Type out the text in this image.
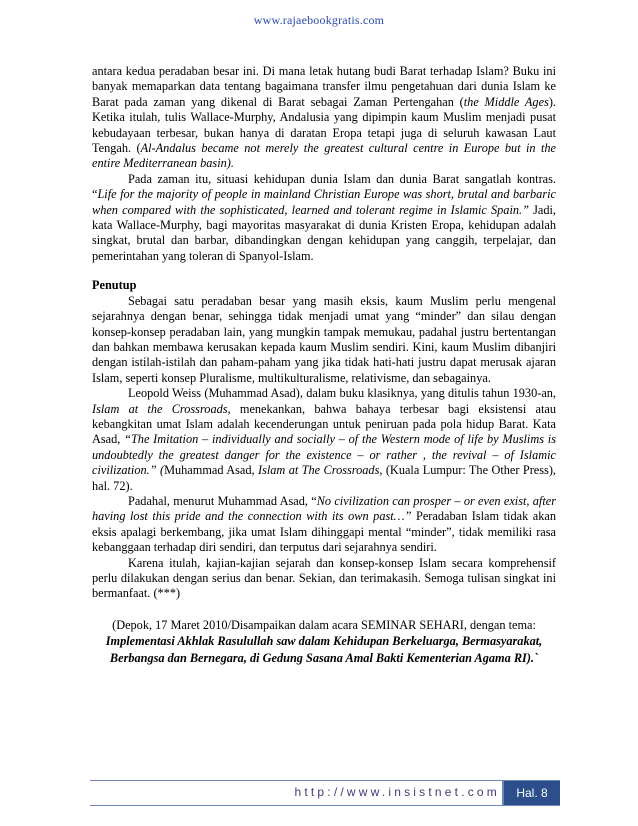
www.rajaebookgratis.com

antara kedua peradaban besar ini. Di mana letak hutang budi Barat terhadap Islam? Buku ini banyak memaparkan data tentang bagaimana transfer ilmu pengetahuan dari dunia Islam ke Barat pada zaman yang dikenal di Barat sebagai Zaman Pertengahan (the Middle Ages). Ketika itulah, tulis Wallace-Murphy, Andalusia yang dipimpin kaum Muslim menjadi pusat kebudayaan terbesar, bukan hanya di daratan Eropa tetapi juga di seluruh kawasan Laut Tengah. (Al-Andalus became not merely the greatest cultural centre in Europe but in the entire Mediterranean basin).

Pada zaman itu, situasi kehidupan dunia Islam dan dunia Barat sangatlah kontras. “Life for the majority of people in mainland Christian Europe was short, brutal and barbaric when compared with the sophisticated, learned and tolerant regime in Islamic Spain.” Jadi, kata Wallace-Murphy, bagi mayoritas masyarakat di dunia Kristen Eropa, kehidupan adalah singkat, brutal dan barbar, dibandingkan dengan kehidupan yang canggih, terpelajar, dan pemerintahan yang toleran di Spanyol-Islam.

Penutup

Sebagai satu peradaban besar yang masih eksis, kaum Muslim perlu mengenal sejarahnya dengan benar, sehingga tidak menjadi umat yang “minder” dan silau dengan konsep-konsep peradaban lain, yang mungkin tampak memukau, padahal justru bertentangan dan bahkan membawa kerusakan kepada kaum Muslim sendiri. Kini, kaum Muslim dibanjiri dengan istilah-istilah dan paham-paham yang jika tidak hati-hati justru dapat merusak ajaran Islam, seperti konsep Pluralisme, multikulturalisme, relativisme, dan sebagainya.

Leopold Weiss (Muhammad Asad), dalam buku klasiknya, yang ditulis tahun 1930-an, Islam at the Crossroads, menekankan, bahwa bahaya terbesar bagi eksistensi atau kebangkitan umat Islam adalah kecenderungan untuk peniruan pada pola hidup Barat. Kata Asad, “The Imitation – individually and socially – of the Western mode of life by Muslims is undoubtedly the greatest danger for the existence – or rather , the revival – of Islamic civilization.” (Muhammad Asad, Islam at The Crossroads, (Kuala Lumpur: The Other Press), hal. 72).

Padahal, menurut Muhammad Asad, “No civilization can prosper – or even exist, after having lost this pride and the connection with its own past…” Peradaban Islam tidak akan eksis apalagi berkembang, jika umat Islam dihinggapi mental “minder”, tidak memiliki rasa kebanggaan terhadap diri sendiri, dan terputus dari sejarahnya sendiri.

Karena itulah, kajian-kajian sejarah dan konsep-konsep Islam secara komprehensif perlu dilakukan dengan serius dan benar. Sekian, dan terimakasih. Semoga tulisan singkat ini bermanfaat. (***)

(Depok, 17 Maret 2010/Disampaikan dalam acara SEMINAR SEHARI, dengan tema: Implementasi Akhlak Rasulullah saw dalam Kehidupan Berkeluarga, Bermasyarakat, Berbangsa dan Bernegara, di Gedung Sasana Amal Bakti Kementerian Agama RI).`

http://www.insistnet.com	Hal. 8
